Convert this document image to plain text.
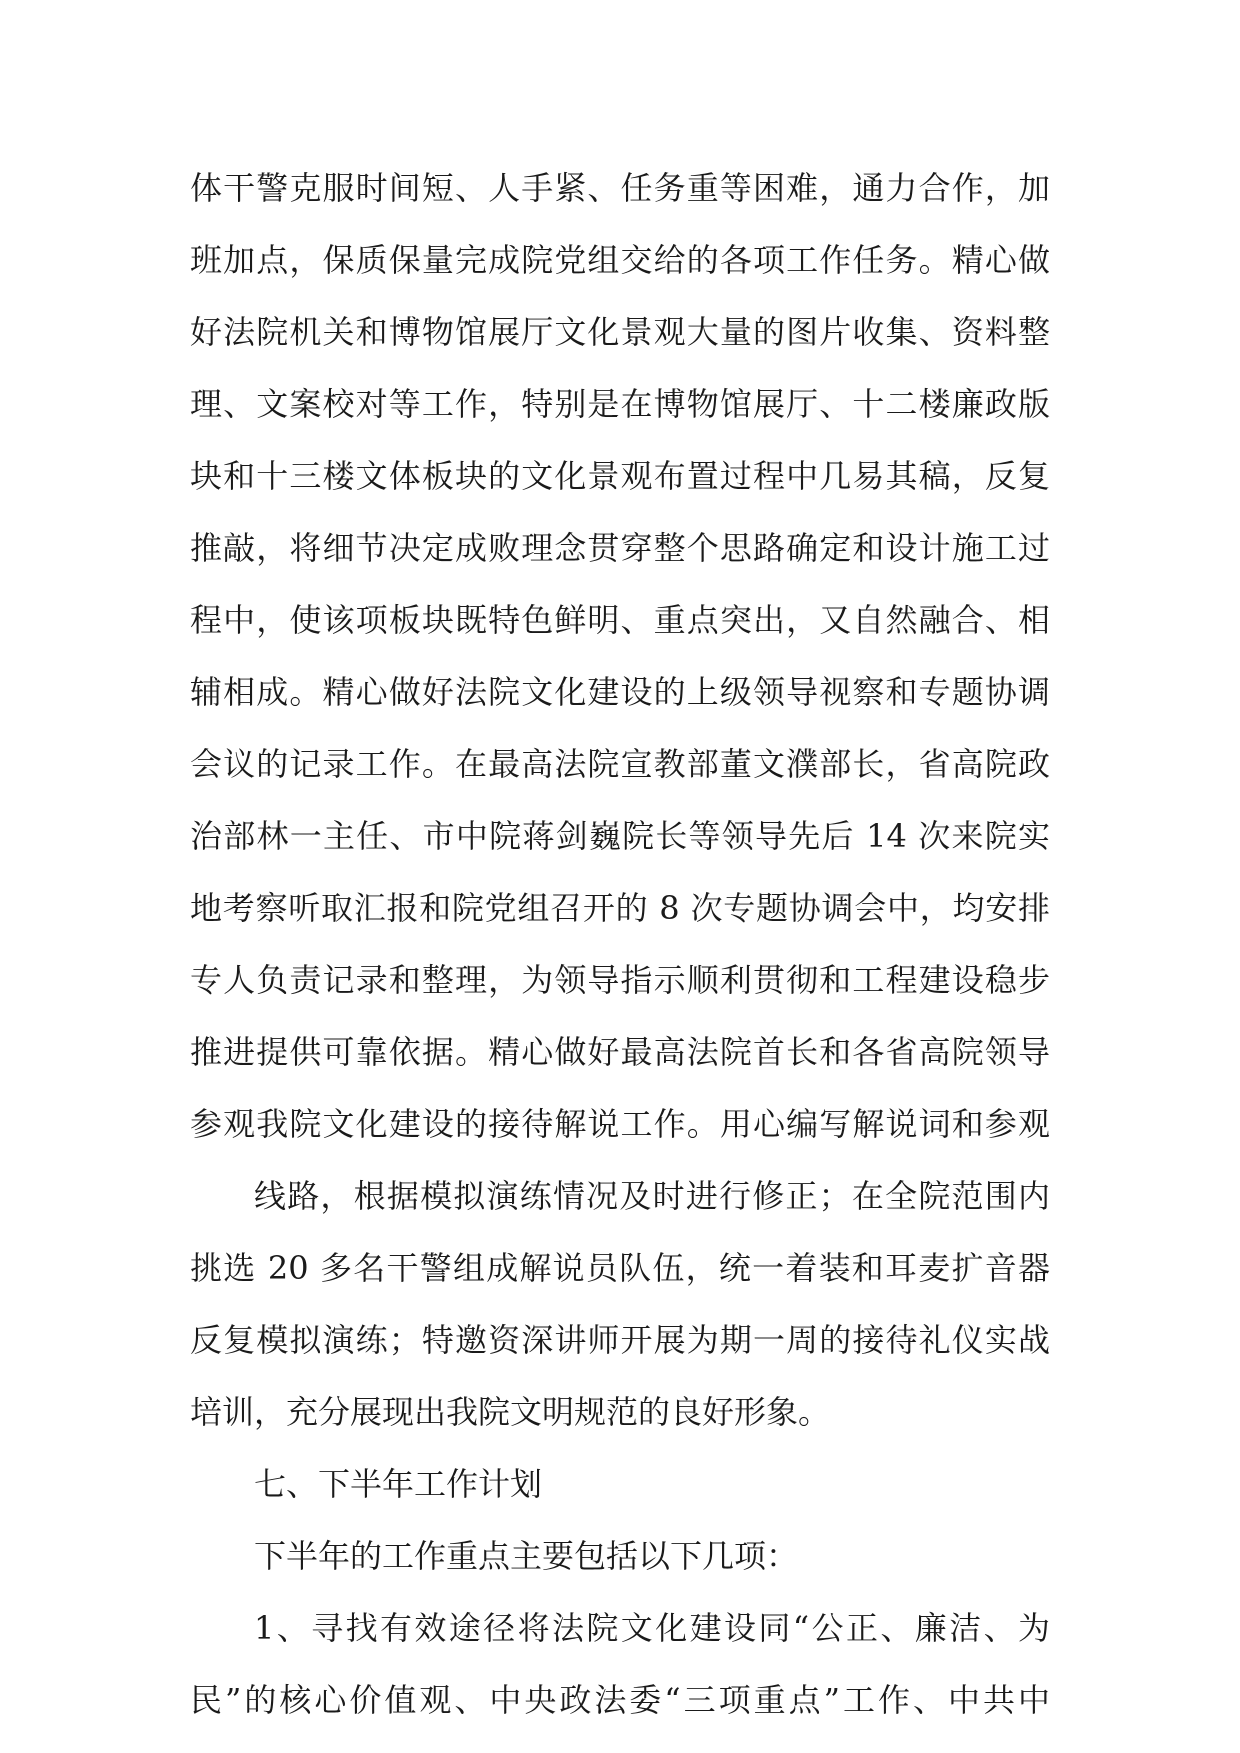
体干警克服时间短、人手紧、任务重等困难，通力合作，加
班加点，保质保量完成院党组交给的各项工作任务。精心做
好法院机关和博物馆展厅文化景观大量的图片收集、资料整
理、文案校对等工作，特别是在博物馆展厅、十二楼廉政版
块和十三楼文体板块的文化景观布置过程中几易其稿，反复
推敲，将细节决定成败理念贯穿整个思路确定和设计施工过
程中，使该项板块既特色鲜明、重点突出，又自然融合、相
辅相成。精心做好法院文化建设的上级领导视察和专题协调
会议的记录工作。在最高法院宣教部董文濮部长，省高院政
治部林一主任、市中院蒋剑巍院长等领导先后 14 次来院实
地考察听取汇报和院党组召开的 8 次专题协调会中，均安排
专人负责记录和整理，为领导指示顺利贯彻和工程建设稳步
推进提供可靠依据。精心做好最高法院首长和各省高院领导
参观我院文化建设的接待解说工作。用心编写解说词和参观
线路，根据模拟演练情况及时进行修正；在全院范围内
挑选 20 多名干警组成解说员队伍，统一着装和耳麦扩音器
反复模拟演练；特邀资深讲师开展为期一周的接待礼仪实战
培训，充分展现出我院文明规范的良好形象。
七、下半年工作计划
下半年的工作重点主要包括以下几项：
1、寻找有效途径将法院文化建设同“公正、廉洁、为
民”的核心价值观、中央政法委“三项重点”工作、中共中
